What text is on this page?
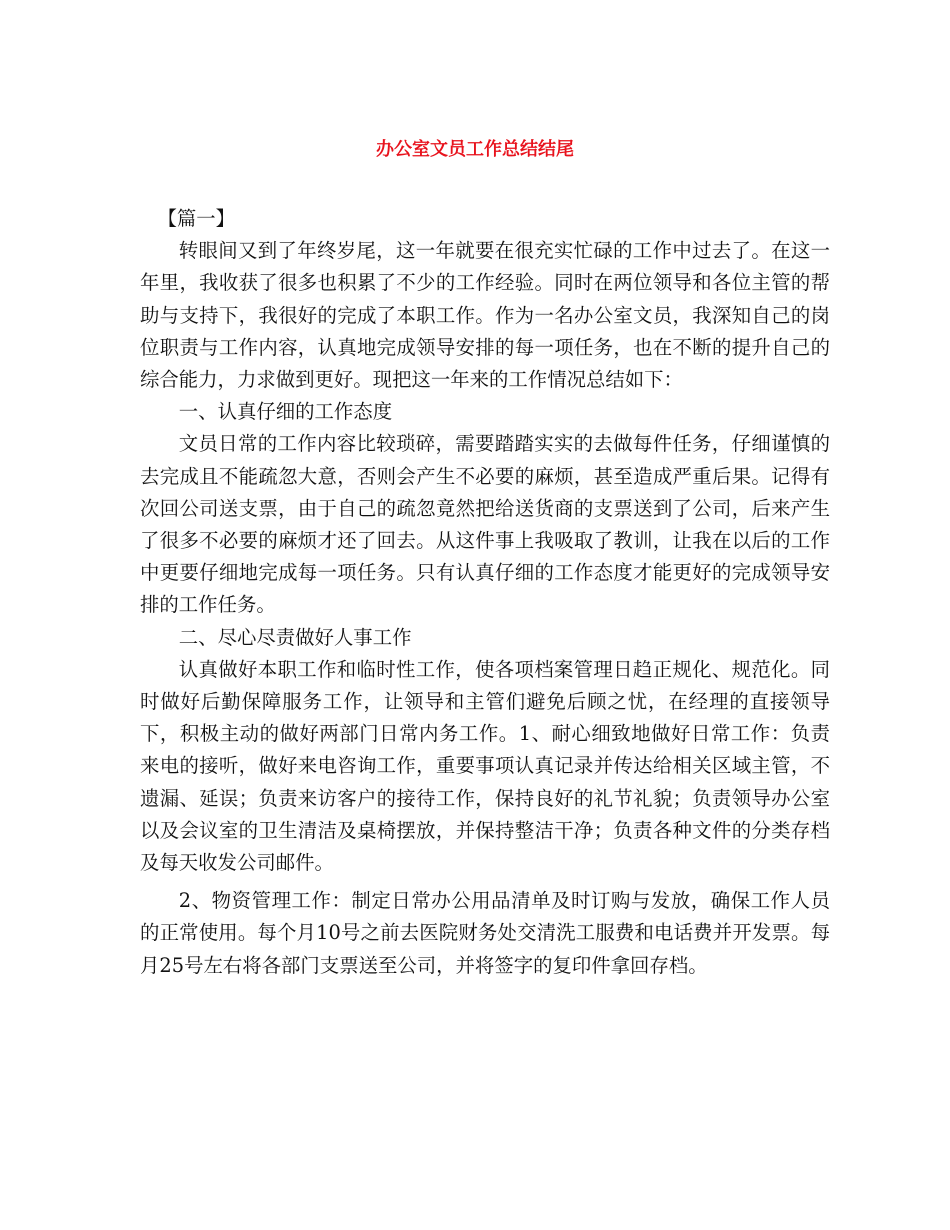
办公室文员工作总结结尾

【篇一】

转眼间又到了年终岁尾，这一年就要在很充实忙碌的工作中过去了。在这一年里，我收获了很多也积累了不少的工作经验。同时在两位领导和各位主管的帮助与支持下，我很好的完成了本职工作。作为一名办公室文员，我深知自己的岗位职责与工作内容，认真地完成领导安排的每一项任务，也在不断的提升自己的综合能力，力求做到更好。现把这一年来的工作情况总结如下：

一、认真仔细的工作态度

文员日常的工作内容比较琐碎，需要踏踏实实的去做每件任务，仔细谨慎的去完成且不能疏忽大意，否则会产生不必要的麻烦，甚至造成严重后果。记得有次回公司送支票，由于自己的疏忽竟然把给送货商的支票送到了公司，后来产生了很多不必要的麻烦才还了回去。从这件事上我吸取了教训，让我在以后的工作中更要仔细地完成每一项任务。只有认真仔细的工作态度才能更好的完成领导安排的工作任务。

二、尽心尽责做好人事工作

认真做好本职工作和临时性工作，使各项档案管理日趋正规化、规范化。同时做好后勤保障服务工作，让领导和主管们避免后顾之忧，在经理的直接领导下，积极主动的做好两部门日常内务工作。1、耐心细致地做好日常工作：负责来电的接听，做好来电咨询工作，重要事项认真记录并传达给相关区域主管，不遗漏、延误；负责来访客户的接待工作，保持良好的礼节礼貌；负责领导办公室以及会议室的卫生清洁及桌椅摆放，并保持整洁干净；负责各种文件的分类存档及每天收发公司邮件。

2、物资管理工作：制定日常办公用品清单及时订购与发放，确保工作人员的正常使用。每个月10号之前去医院财务处交清洗工服费和电话费并开发票。每月25号左右将各部门支票送至公司，并将签字的复印件拿回存档。
